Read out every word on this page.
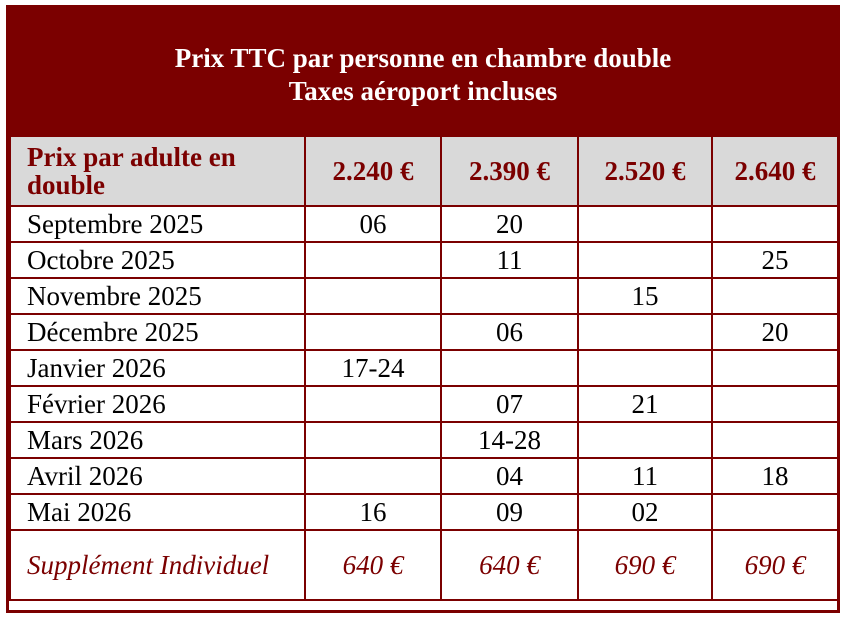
Prix TTC par personne en chambre double
Taxes aéroport incluses
Prix par adulte en double	2.240 €	2.390 €	2.520 €	2.640 €
Septembre 2025	06	20		
Octobre 2025		11		25
Novembre 2025			15	
Décembre 2025		06		20
Janvier 2026	17-24			
Février 2026		07	21	
Mars 2026		14-28		
Avril 2026		04	11	18
Mai 2026	16	09	02	
Supplément Individuel	640 €	640 €	690 €	690 €
